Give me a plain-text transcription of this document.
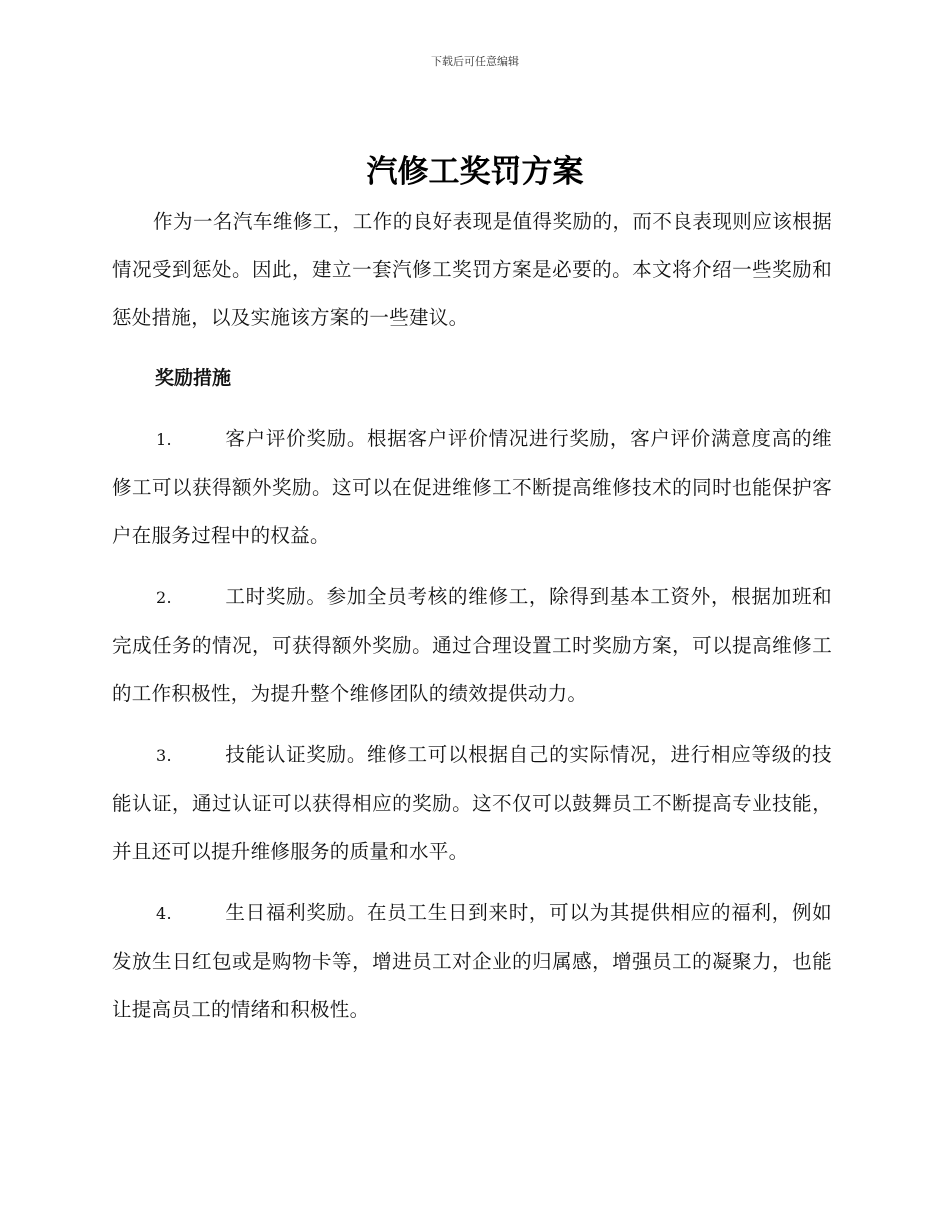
下载后可任意编辑
汽修工奖罚方案

作为一名汽车维修工，工作的良好表现是值得奖励的，而不良表现则应该根据情况受到惩处。因此，建立一套汽修工奖罚方案是必要的。本文将介绍一些奖励和惩处措施，以及实施该方案的一些建议。

奖励措施

1.	客户评价奖励。根据客户评价情况进行奖励，客户评价满意度高的维修工可以获得额外奖励。这可以在促进维修工不断提高维修技术的同时也能保护客户在服务过程中的权益。

2.	工时奖励。参加全员考核的维修工，除得到基本工资外，根据加班和完成任务的情况，可获得额外奖励。通过合理设置工时奖励方案，可以提高维修工的工作积极性，为提升整个维修团队的绩效提供动力。

3.	技能认证奖励。维修工可以根据自己的实际情况，进行相应等级的技能认证，通过认证可以获得相应的奖励。这不仅可以鼓舞员工不断提高专业技能，并且还可以提升维修服务的质量和水平。

4.	生日福利奖励。在员工生日到来时，可以为其提供相应的福利，例如发放生日红包或是购物卡等，增进员工对企业的归属感，增强员工的凝聚力，也能让提高员工的情绪和积极性。
